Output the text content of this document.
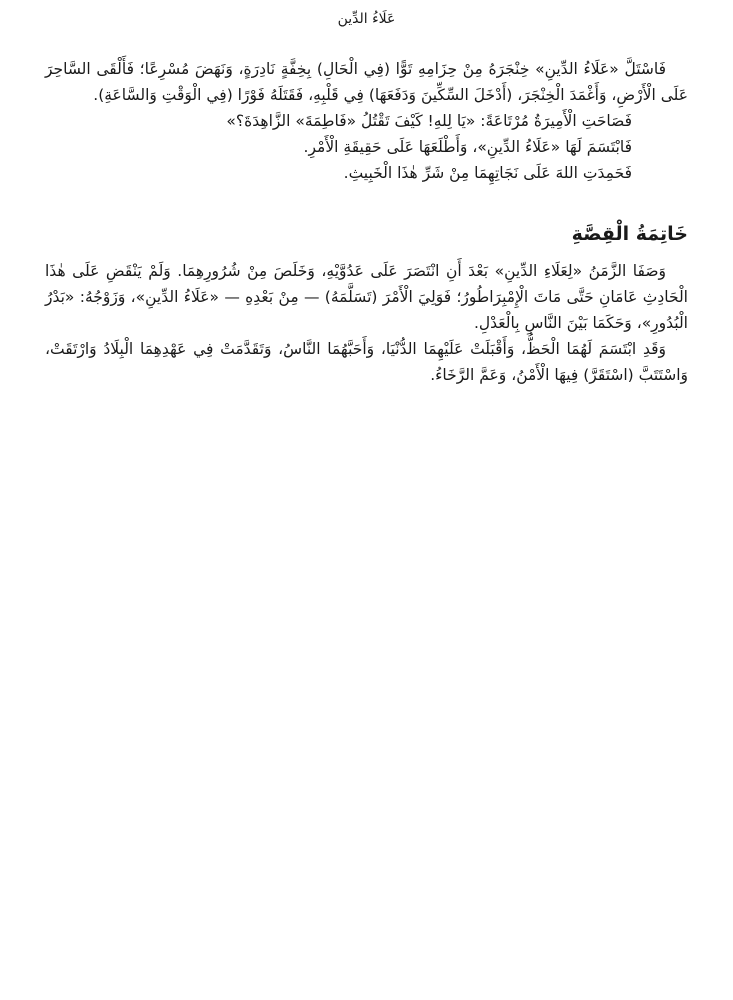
عَلَاءُ الدِّين

فَاسْتَلَّ «عَلَاءُ الدِّينِ» خِنْجَرَهُ مِنْ حِزَامِهِ تَوًّا (فِي الْحَالِ) بِخِفَّةٍ نَادِرَةٍ، وَنَهَضَ مُسْرِعًا؛ فَأَلْقَى السَّاحِرَ عَلَى الْأَرْضِ، وَأَغْمَدَ الْخِنْجَرَ، (أَدْخَلَ السِّكِّينَ وَدَفَعَهَا) فِي قَلْبِهِ، فَقَتَلَهُ فَوْرًا (فِي الْوَقْتِ وَالسَّاعَةِ).

فَصَاحَتِ الْأَمِيرَةُ مُرْتَاعَةً: «يَا لِلهِ! كَيْفَ تَقْتُلُ «فَاطِمَةَ» الزَّاهِدَةَ؟»

فَابْتَسَمَ لَهَا «عَلَاءُ الدِّينِ»، وَأَطْلَعَهَا عَلَى حَقِيقَةِ الْأَمْرِ.

فَحَمِدَتِ اللهَ عَلَى نَجَاتِهِمَا مِنْ شَرِّ هٰذَا الْخَبِيثِ.

خَاتِمَةُ الْقِصَّةِ

وَصَفَا الزَّمَنُ «لِعَلَاءِ الدِّينِ» بَعْدَ أَنِ انْتَصَرَ عَلَى عَدُوَّيْهِ، وَخَلَصَ مِنْ شُرُورِهِمَا. وَلَمْ يَنْقَضِ عَلَى هٰذَا الْحَادِثِ عَامَانِ حَتَّى مَاتَ الْإِمْبِرَاطُورُ؛ فَوَلِيَ الْأَمْرَ (تَسَلَّمَهُ) — مِنْ بَعْدِهِ — «عَلَاءُ الدِّينِ»، وَزَوْجُهُ: «بَدْرُ الْبُدُورِ»، وَحَكَمَا بَيْنَ النَّاسِ بِالْعَدْلِ.

وَقَدِ ابْتَسَمَ لَهُمَا الْحَظُّ، وَأَقْبَلَتْ عَلَيْهِمَا الدُّنْيَا، وَأَحَبَّهُمَا النَّاسُ، وَتَقَدَّمَتْ فِي عَهْدِهِمَا الْبِلَادُ وَارْتَقَتْ، وَاسْتَتَبَّ (اسْتَقَرَّ) فِيهَا الْأَمْنُ، وَعَمَّ الرَّخَاءُ.
